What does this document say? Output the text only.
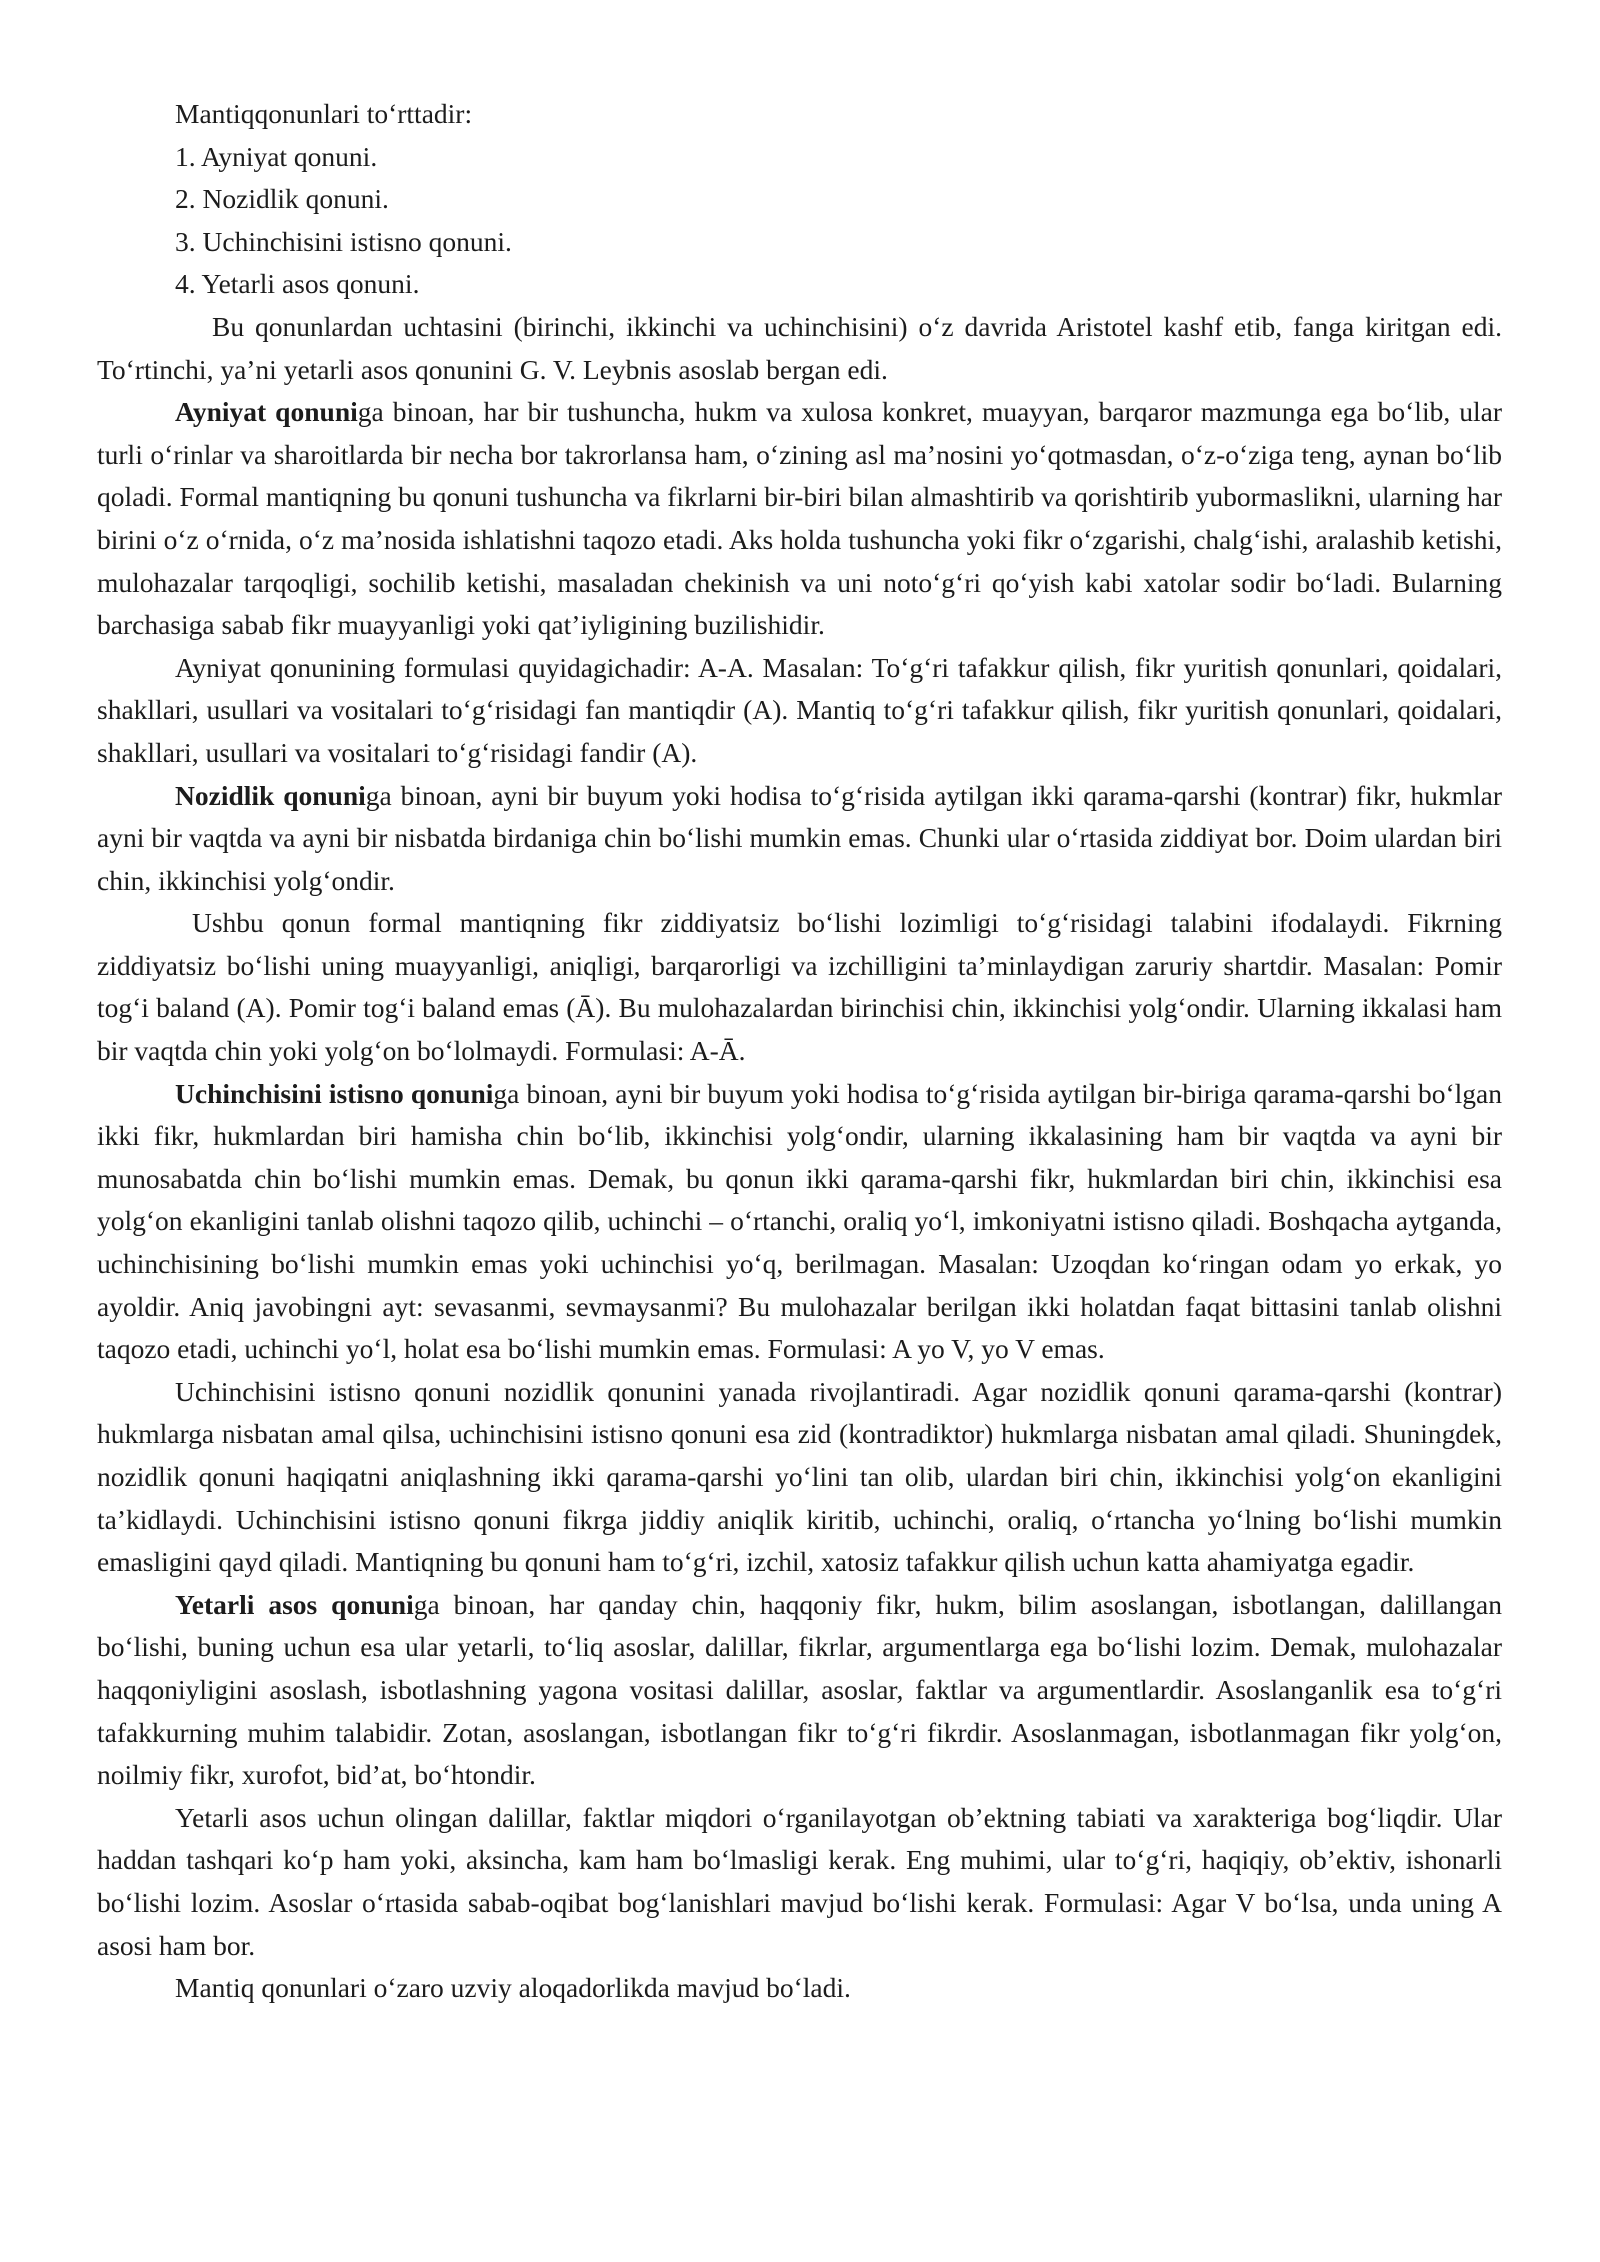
Mantiqqonunlari to‘rttadir:

1. Ayniyat qonuni.

2. Nozidlik qonuni.

3. Uchinchisini istisno qonuni.

4. Yetarli asos qonuni.

Bu qonunlardan uchtasini (birinchi, ikkinchi va uchinchisini) o‘z davrida Aristotel kashf etib, fanga kiritgan edi. To‘rtinchi, ya’ni yetarli asos qonunini G. V. Leybnis asoslab bergan edi.

Ayniyat qonuniga binoan, har bir tushuncha, hukm va xulosa konkret, muayyan, barqaror mazmunga ega bo‘lib, ular turli o‘rinlar va sharoitlarda bir necha bor takrorlansa ham, o‘zining asl ma’nosini yo‘qotmasdan, o‘z-o‘ziga teng, aynan bo‘lib qoladi. Formal mantiqning bu qonuni tushuncha va fikrlarni bir-biri bilan almashtirib va qorishtirib yubormaslikni, ularning har birini o‘z o‘rnida, o‘z ma’nosida ishlatishni taqozo etadi. Aks holda tushuncha yoki fikr o‘zgarishi, chalg‘ishi, aralashib ketishi, mulohazalar tarqoqligi, sochilib ketishi, masaladan chekinish va uni noto‘g‘ri qo‘yish kabi xatolar sodir bo‘ladi. Bularning barchasiga sabab fikr muayyanligi yoki qat’iyligining buzilishidir.

Ayniyat qonunining formulasi quyidagichadir: A-A. Masalan: To‘g‘ri tafakkur qilish, fikr yuritish qonunlari, qoidalari, shakllari, usullari va vositalari to‘g‘risidagi fan mantiqdir (A). Mantiq to‘g‘ri tafakkur qilish, fikr yuritish qonunlari, qoidalari, shakllari, usullari va vositalari to‘g‘risidagi fandir (A).

Nozidlik qonuniga binoan, ayni bir buyum yoki hodisa to‘g‘risida aytilgan ikki qarama-qarshi (kontrar) fikr, hukmlar ayni bir vaqtda va ayni bir nisbatda birdaniga chin bo‘lishi mumkin emas. Chunki ular o‘rtasida ziddiyat bor. Doim ulardan biri chin, ikkinchisi yolg‘ondir.

Ushbu qonun formal mantiqning fikr ziddiyatsiz bo‘lishi lozimligi to‘g‘risidagi talabini ifodalaydi. Fikrning ziddiyatsiz bo‘lishi uning muayyanligi, aniqligi, barqarorligi va izchilligini ta’minlaydigan zaruriy shartdir. Masalan: Pomir tog‘i baland (A). Pomir tog‘i baland emas (Ā). Bu mulohazalardan birinchisi chin, ikkinchisi yolg‘ondir. Ularning ikkalasi ham bir vaqtda chin yoki yolg‘on bo‘lolmaydi. Formulasi: A-Ā.

Uchinchisini istisno qonuniga binoan, ayni bir buyum yoki hodisa to‘g‘risida aytilgan bir-biriga qarama-qarshi bo‘lgan ikki fikr, hukmlardan biri hamisha chin bo‘lib, ikkinchisi yolg‘ondir, ularning ikkalasining ham bir vaqtda va ayni bir munosabatda chin bo‘lishi mumkin emas. Demak, bu qonun ikki qarama-qarshi fikr, hukmlardan biri chin, ikkinchisi esa yolg‘on ekanligini tanlab olishni taqozo qilib, uchinchi – o‘rtanchi, oraliq yo‘l, imkoniyatni istisno qiladi. Boshqacha aytganda, uchinchisining bo‘lishi mumkin emas yoki uchinchisi yo‘q, berilmagan. Masalan: Uzoqdan ko‘ringan odam yo erkak, yo ayoldir. Aniq javobingni ayt: sevasanmi, sevmaysanmi? Bu mulohazalar berilgan ikki holatdan faqat bittasini tanlab olishni taqozo etadi, uchinchi yo‘l, holat esa bo‘lishi mumkin emas. Formulasi: A yo V, yo V emas.

Uchinchisini istisno qonuni nozidlik qonunini yanada rivojlantiradi. Agar nozidlik qonuni qarama-qarshi (kontrar) hukmlarga nisbatan amal qilsa, uchinchisini istisno qonuni esa zid (kontradiktor) hukmlarga nisbatan amal qiladi. Shuningdek, nozidlik qonuni haqiqatni aniqlashning ikki qarama-qarshi yo‘lini tan olib, ulardan biri chin, ikkinchisi yolg‘on ekanligini ta’kidlaydi. Uchinchisini istisno qonuni fikrga jiddiy aniqlik kiritib, uchinchi, oraliq, o‘rtancha yo‘lning bo‘lishi mumkin emasligini qayd qiladi. Mantiqning bu qonuni ham to‘g‘ri, izchil, xatosiz tafakkur qilish uchun katta ahamiyatga egadir.

Yetarli asos qonuniga binoan, har qanday chin, haqqoniy fikr, hukm, bilim asoslangan, isbotlangan, dalillangan bo‘lishi, buning uchun esa ular yetarli, to‘liq asoslar, dalillar, fikrlar, argumentlarga ega bo‘lishi lozim. Demak, mulohazalar haqqoniyligini asoslash, isbotlashning yagona vositasi dalillar, asoslar, faktlar va argumentlardir. Asoslanganlik esa to‘g‘ri tafakkurning muhim talabidir. Zotan, asoslangan, isbotlangan fikr to‘g‘ri fikrdir. Asoslanmagan, isbotlanmagan fikr yolg‘on, noilmiy fikr, xurofot, bid’at, bo‘htondir.

Yetarli asos uchun olingan dalillar, faktlar miqdori o‘rganilayotgan ob’ektning tabiati va xarakteriga bog‘liqdir. Ular haddan tashqari ko‘p ham yoki, aksincha, kam ham bo‘lmasligi kerak. Eng muhimi, ular to‘g‘ri, haqiqiy, ob’ektiv, ishonarli bo‘lishi lozim. Asoslar o‘rtasida sabab-oqibat bog‘lanishlari mavjud bo‘lishi kerak. Formulasi: Agar V bo‘lsa, unda uning A asosi ham bor.

Mantiq qonunlari o‘zaro uzviy aloqadorlikda mavjud bo‘ladi.
